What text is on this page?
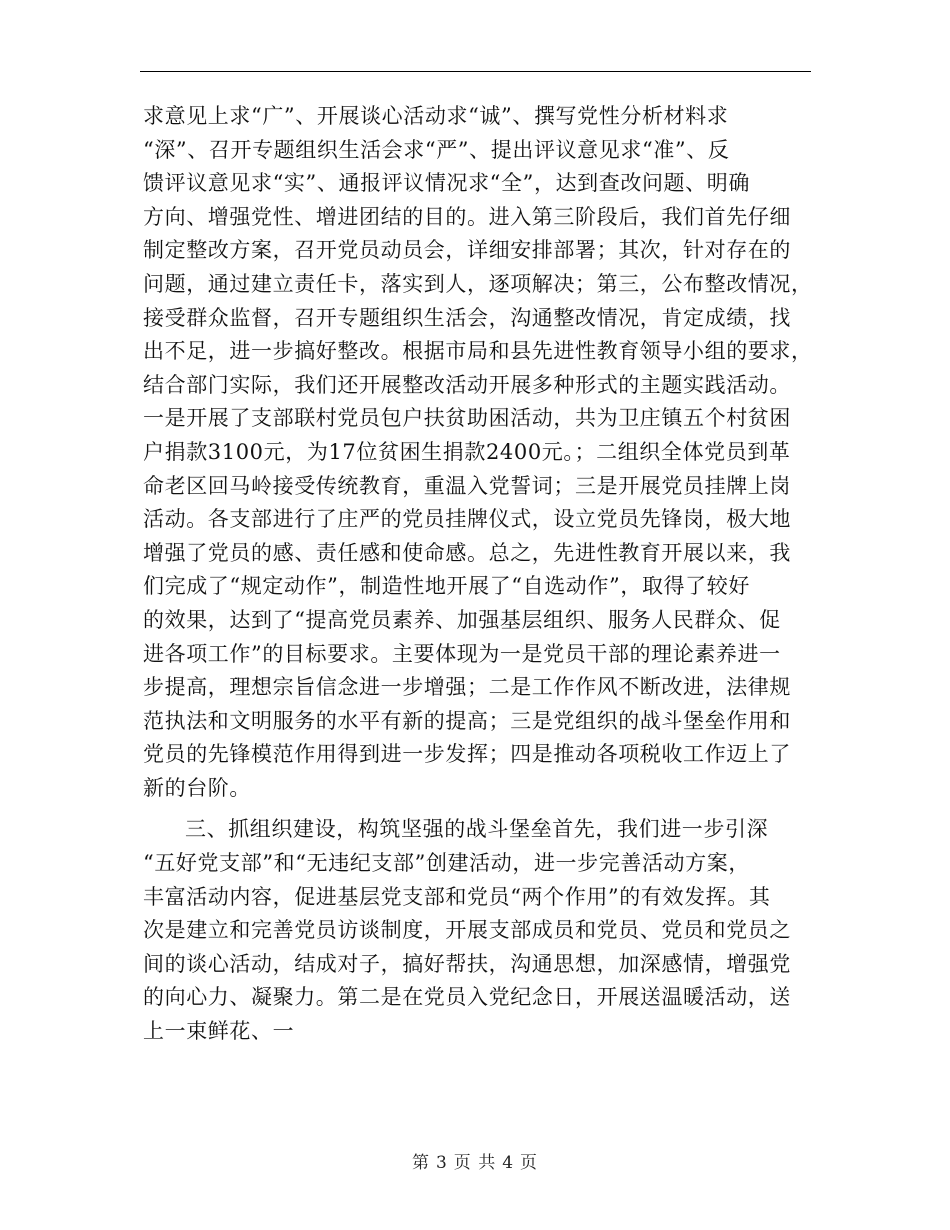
求意见上求“广”、开展谈心活动求“诚”、撰写党性分析材料求
“深”、召开专题组织生活会求“严”、提出评议意见求“准”、反
馈评议意见求“实”、通报评议情况求“全”，达到查改问题、明确
方向、增强党性、增进团结的目的。进入第三阶段后，我们首先仔细
制定整改方案，召开党员动员会，详细安排部署；其次，针对存在的
问题，通过建立责任卡，落实到人，逐项解决；第三，公布整改情况，
接受群众监督，召开专题组织生活会，沟通整改情况，肯定成绩，找
出不足，进一步搞好整改。根据市局和县先进性教育领导小组的要求，
结合部门实际，我们还开展整改活动开展多种形式的主题实践活动。
一是开展了支部联村党员包户扶贫助困活动，共为卫庄镇五个村贫困
户捐款3100元，为17位贫困生捐款2400元。；二组织全体党员到革
命老区回马岭接受传统教育，重温入党誓词；三是开展党员挂牌上岗
活动。各支部进行了庄严的党员挂牌仪式，设立党员先锋岗，极大地
增强了党员的感、责任感和使命感。总之，先进性教育开展以来，我
们完成了“规定动作”，制造性地开展了“自选动作”，取得了较好
的效果，达到了“提高党员素养、加强基层组织、服务人民群众、促
进各项工作”的目标要求。主要体现为一是党员干部的理论素养进一
步提高，理想宗旨信念进一步增强；二是工作作风不断改进，法律规
范执法和文明服务的水平有新的提高；三是党组织的战斗堡垒作用和
党员的先锋模范作用得到进一步发挥；四是推动各项税收工作迈上了
新的台阶。
三、抓组织建设，构筑坚强的战斗堡垒首先，我们进一步引深
“五好党支部”和“无违纪支部”创建活动，进一步完善活动方案，
丰富活动内容，促进基层党支部和党员“两个作用”的有效发挥。其
次是建立和完善党员访谈制度，开展支部成员和党员、党员和党员之
间的谈心活动，结成对子，搞好帮扶，沟通思想，加深感情，增强党
的向心力、凝聚力。第二是在党员入党纪念日，开展送温暖活动，送
上一束鲜花、一
第 3 页 共 4 页
